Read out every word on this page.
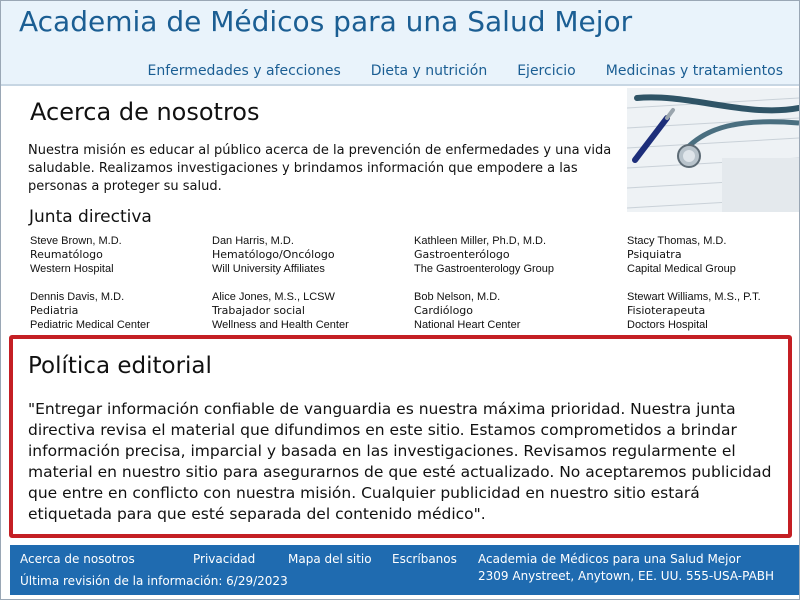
Academia de Médicos para una Salud Mejor
Enfermedades y afecciones Dieta y nutrición Ejercicio Medicinas y tratamientos
Acerca de nosotros

Nuestra misión es educar al público acerca de la prevención de enfermedades y una vida saludable. Realizamos investigaciones y brindamos información que empodere a las personas a proteger su salud.

Junta directiva
Steve Brown, M.D.
Reumatólogo
Western Hospital
Dan Harris, M.D.
Hematólogo/Oncólogo
Will University Affiliates
Kathleen Miller, Ph.D, M.D.
Gastroenterólogo
The Gastroenterology Group
Stacy Thomas, M.D.
Psiquiatra
Capital Medical Group
Dennis Davis, M.D.
Pediatria
Pediatric Medical Center
Alice Jones, M.S., LCSW
Trabajador social
Wellness and Health Center
Bob Nelson, M.D.
Cardiólogo
National Heart Center
Stewart Williams, M.S., P.T.
Fisioterapeuta
Doctors Hospital
Política editorial

"Entregar información confiable de vanguardia es nuestra máxima prioridad. Nuestra junta directiva revisa el material que difundimos en este sitio. Estamos comprometidos a brindar información precisa, imparcial y basada en las investigaciones. Revisamos regularmente el material en nuestro sitio para asegurarnos de que esté actualizado. No aceptaremos publicidad que entre en conflicto con nuestra misión. Cualquier publicidad en nuestro sitio estará etiquetada para que esté separada del contenido médico".

Acerca de nosotros	Privacidad	Mapa del sitio Escríbanos
Última revisión de la información: 6/29/2023
Academia de Médicos para una Salud Mejor
2309 Anystreet, Anytown, EE. UU. 555-USA-PABH
